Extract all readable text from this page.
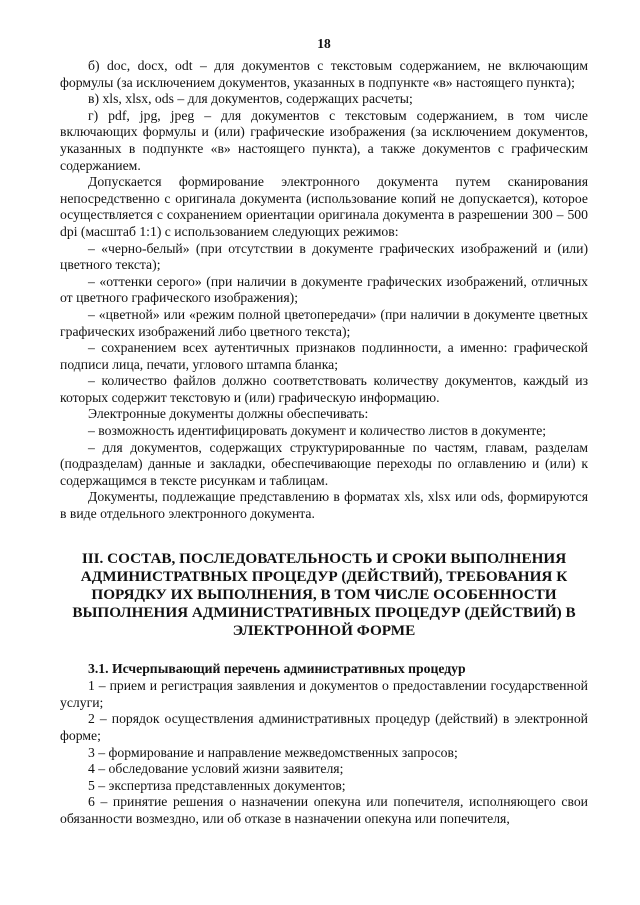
18

б) doc, docx, odt – для документов с текстовым содержанием, не включающим формулы (за исключением документов, указанных в подпункте «в» настоящего пункта);

в) xls, xlsx, ods – для документов, содержащих расчеты;

г) pdf, jpg, jpeg – для документов с текстовым содержанием, в том числе включающих формулы и (или) графические изображения (за исключением документов, указанных в подпункте «в» настоящего пункта), а также документов с графическим содержанием.

Допускается формирование электронного документа путем сканирования непосредственно с оригинала документа (использование копий не допускается), которое осуществляется с сохранением ориентации оригинала документа в разрешении 300 – 500 dpi (масштаб 1:1) с использованием следующих режимов:

– «черно-белый» (при отсутствии в документе графических изображений и (или) цветного текста);

– «оттенки серого» (при наличии в документе графических изображений, отличных от цветного графического изображения);

– «цветной» или «режим полной цветопередачи» (при наличии в документе цветных графических изображений либо цветного текста);

– сохранением всех аутентичных признаков подлинности, а именно: графической подписи лица, печати, углового штампа бланка;

– количество файлов должно соответствовать количеству документов, каждый из которых содержит текстовую и (или) графическую информацию.

Электронные документы должны обеспечивать:

– возможность идентифицировать документ и количество листов в документе;

– для документов, содержащих структурированные по частям, главам, разделам (подразделам) данные и закладки, обеспечивающие переходы по оглавлению и (или) к содержащимся в тексте рисункам и таблицам.

Документы, подлежащие представлению в форматах xls, xlsx или ods, формируются в виде отдельного электронного документа.

III. СОСТАВ, ПОСЛЕДОВАТЕЛЬНОСТЬ И СРОКИ ВЫПОЛНЕНИЯ АДМИНИСТРАТВНЫХ ПРОЦЕДУР (ДЕЙСТВИЙ), ТРЕБОВАНИЯ К ПОРЯДКУ ИХ ВЫПОЛНЕНИЯ, В ТОМ ЧИСЛЕ ОСОБЕННОСТИ ВЫПОЛНЕНИЯ АДМИНИСТРАТИВНЫХ ПРОЦЕДУР (ДЕЙСТВИЙ) В ЭЛЕКТРОННОЙ ФОРМЕ
3.1. Исчерпывающий перечень административных процедур

1 – прием и регистрация заявления и документов о предоставлении государственной услуги;

2 – порядок осуществления административных процедур (действий) в электронной форме;

3 – формирование и направление межведомственных запросов;

4 – обследование условий жизни заявителя;

5 – экспертиза представленных документов;

6 – принятие решения о назначении опекуна или попечителя, исполняющего свои обязанности возмездно, или об отказе в назначении опекуна или попечителя,
